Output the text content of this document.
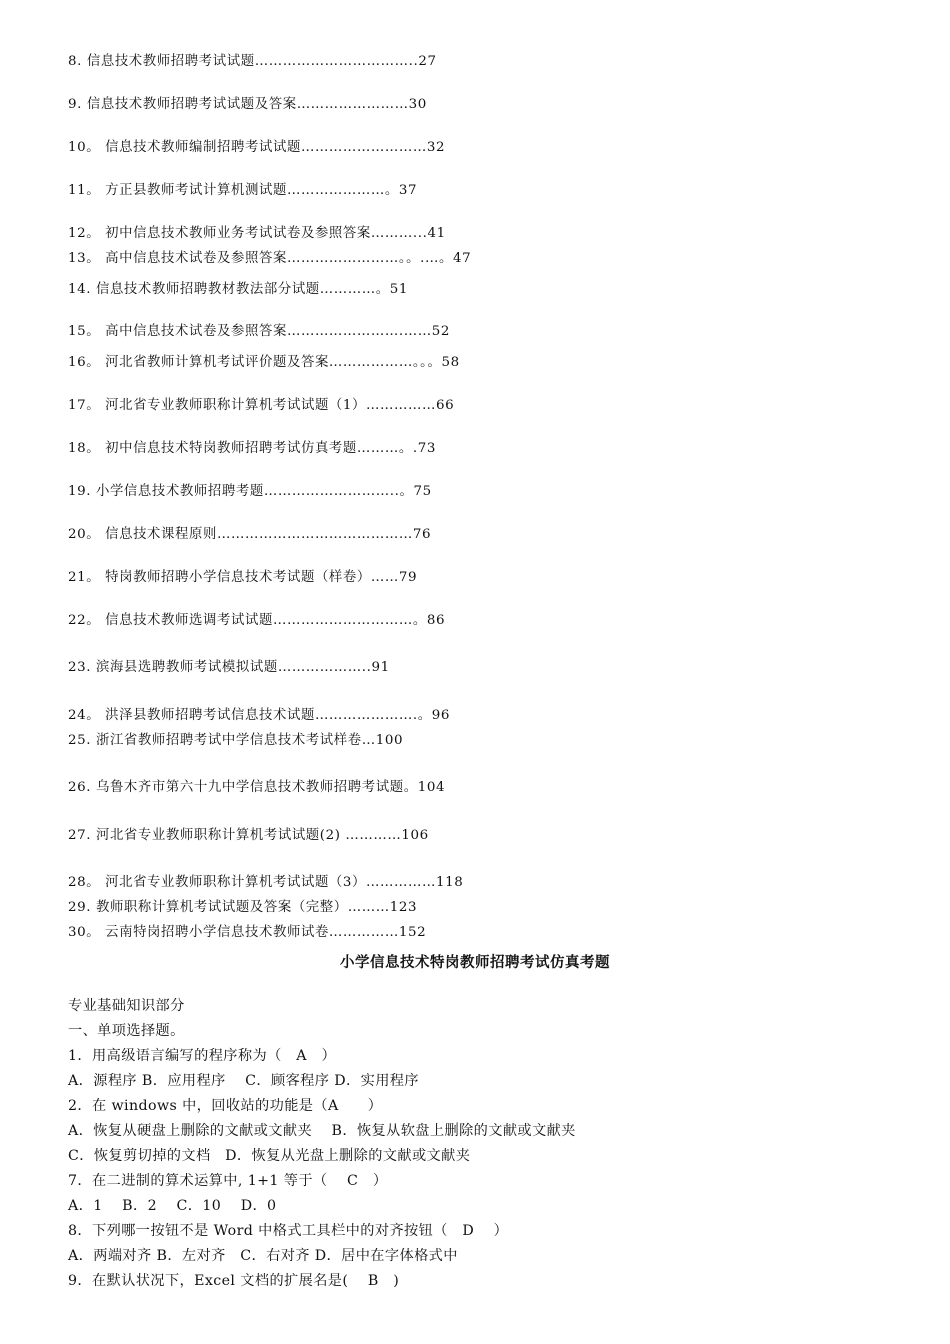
8. 信息技术教师招聘考试试题……………………………..27
9. 信息技术教师招聘考试试题及答案……………………30
10。 信息技术教师编制招聘考试试题………………………32
11。 方正县教师考试计算机测试题…………………。37
12。 初中信息技术教师业务考试试卷及参照答案………...41
13。 高中信息技术试卷及参照答案……………………。。.…。47
14. 信息技术教师招聘教材教法部分试题…………。51
15。 高中信息技术试卷及参照答案…………………….……52
16。 河北省教师计算机考试评价题及答案………………。。。58
17。 河北省专业教师职称计算机考试试题（1）……………66
18。 初中信息技术特岗教师招聘考试仿真考题………。.73
19. 小学信息技术教师招聘考题………………………..。75
20。 信息技术课程原则……………………………………76
21。 特岗教师招聘小学信息技术考试题（样卷）……79
22。 信息技术教师选调考试试题…………………………。86
23. 滨海县选聘教师考试模拟试题………………..91
24。 洪泽县教师招聘考试信息技术试题………………….。96
25. 浙江省教师招聘考试中学信息技术考试样卷…100
26. 乌鲁木齐市第六十九中学信息技术教师招聘考试题。104
27. 河北省专业教师职称计算机考试试题(2) …………106
28。 河北省专业教师职称计算机考试试题（3）……………118
29. 教师职称计算机考试试题及答案（完整）………123
30。 云南特岗招聘小学信息技术教师试卷……………152
小学信息技术特岗教师招聘考试仿真考题
专业基础知识部分
一、单项选择题。
1．用高级语言编写的程序称为（　A　）
A．源程序 B．应用程序　 C．顾客程序 D．实用程序
2．在 windows 中，回收站的功能是（A　　）
A．恢复从硬盘上删除的文献或文献夹　 B．恢复从软盘上删除的文献或文献夹
C．恢复剪切掉的文档　D．恢复从光盘上删除的文献或文献夹
7．在二进制的算术运算中, 1+1 等于（　 C　）
A．1　 B．2　 C．10　 D．0
8．下列哪一按钮不是 Word 中格式工具栏中的对齐按钮（　D　 ）
A．两端对齐 B．左对齐　C．右对齐 D．居中在字体格式中
9．在默认状况下，Excel 文档的扩展名是(　 B　)
